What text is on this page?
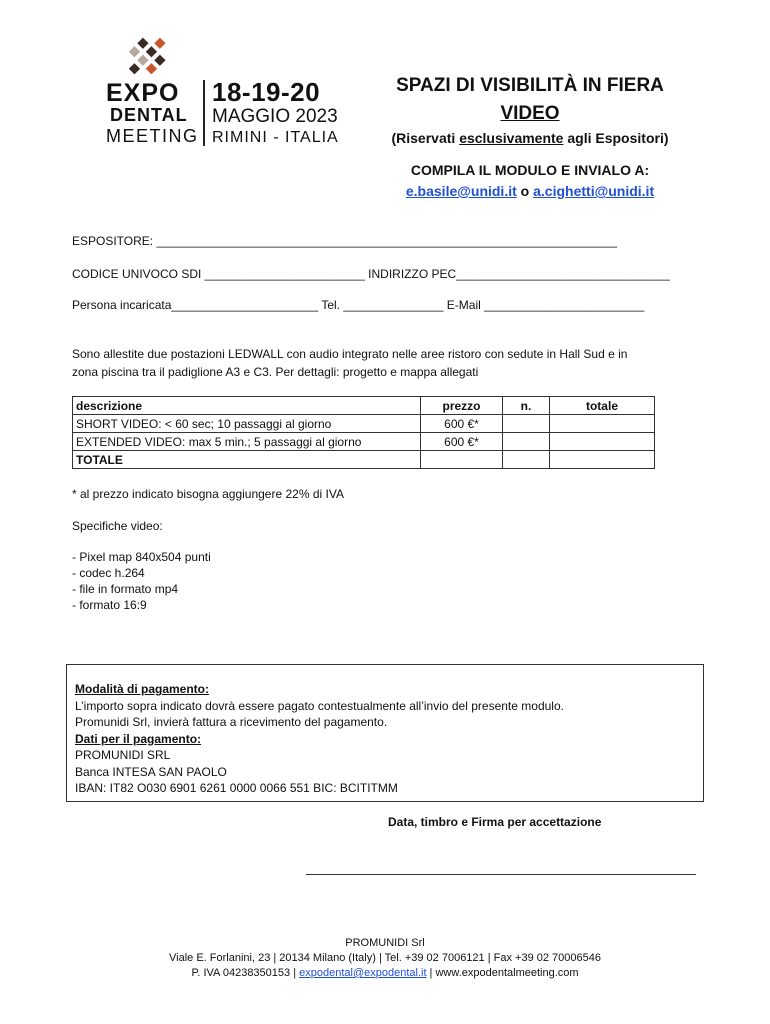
EXPO
DENTAL
MEETING
18-19-20
MAGGIO 2023
RIMINI - ITALIA
SPAZI DI VISIBILITÀ IN FIERA
VIDEO
(Riservati esclusivamente agli Espositori)
COMPILA IL MODULO E INVIALO A:
e.basile@unidi.it o a.cighetti@unidi.it
ESPOSITORE: _____________________________________________________________________
CODICE UNIVOCO SDI ________________________ INDIRIZZO PEC________________________________
Persona incaricata______________________ Tel. _______________ E-Mail ________________________
Sono allestite due postazioni LEDWALL con audio integrato nelle aree ristoro con sedute in Hall Sud e in
zona piscina tra il padiglione A3 e C3. Per dettagli: progetto e mappa allegati
descrizione	prezzo	n.	totale
SHORT VIDEO: < 60 sec; 10 passaggi al giorno	600 €*		
EXTENDED VIDEO: max 5 min.; 5 passaggi al giorno	600 €*		
TOTALE			
* al prezzo indicato bisogna aggiungere 22% di IVA
Specifiche video:
- Pixel map 840x504 punti
- codec h.264
- file in formato mp4
- formato 16:9
Modalità di pagamento:
L’importo sopra indicato dovrà essere pagato contestualmente all’invio del presente modulo.
Promunidi Srl, invierà fattura a ricevimento del pagamento.
Dati per il pagamento:
PROMUNIDI SRL
Banca INTESA SAN PAOLO
IBAN: IT82 O030 6901 6261 0000 0066 551 BIC: BCITITMM
Data, timbro e Firma per accettazione
PROMUNIDI Srl
Viale E. Forlanini, 23 | 20134 Milano (Italy) | Tel. +39 02 7006121 | Fax +39 02 70006546
P. IVA 04238350153 | expodental@expodental.it | www.expodentalmeeting.com
